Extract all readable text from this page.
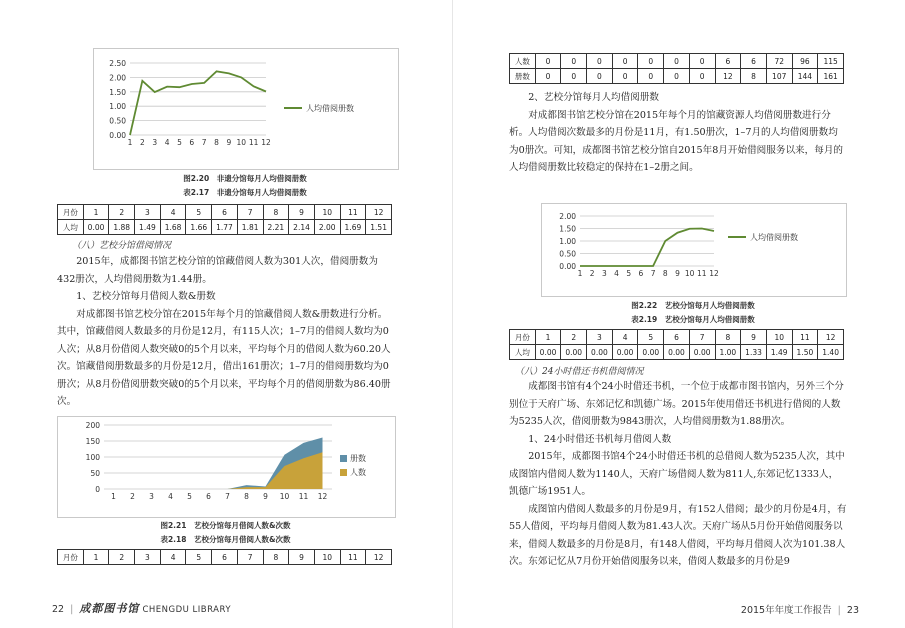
0.00
0.50
1.00
1.50
2.00
2.50
1 2 3 4 5 6 7 8 9 10 11 12
人均借阅册数
图2.20　非遗分馆每月人均借阅册数
表2.17　非遗分馆每月人均借阅册数
月份	1	2	3	4	5	6	7	8	9	10	11	12
人均	0.00	1.88	1.49	1.68	1.66	1.77	1.81	2.21	2.14	2.00	1.69	1.51
（八）艺校分馆借阅情况

2015年，成都图书馆艺校分馆的馆藏借阅人数为301人次，借阅册数为432册次，人均借阅册数为1.44册。

1、艺校分馆每月借阅人数&册数

对成都图书馆艺校分馆在2015年每个月的馆藏借阅人数&册数进行分析。其中，馆藏借阅人数最多的月份是12月，有115人次；1–7月的借阅人数均为0人次；从8月份借阅人数突破0的5个月以来，平均每个月的借阅人数为60.20人次。馆藏借阅册数最多的月份是12月，借出161册次；1–7月的借阅册数均为0册次；从8月份借阅册数突破0的5个月以来，平均每个月的借阅册数为86.40册次。

0
50
100
150
200
1 2 3 4 5 6 7 8 9 10 11 12
册数
人数
图2.21　艺校分馆每月借阅人数&次数
表2.18　艺校分馆每月借阅人数&次数
月份	1	2	3	4	5	6	7	8	9	10	11	12
22  |  成都图书馆 CHENGDU LIBRARY
人数	0	0	0	0	0	0	0	6	6	72	96	115
册数	0	0	0	0	0	0	0	12	8	107	144	161

2、艺校分馆每月人均借阅册数

对成都图书馆艺校分馆在2015年每个月的馆藏资源人均借阅册数进行分析。人均借阅次数最多的月份是11月，有1.50册次，1–7月的人均借阅册数均为0册次。可知，成都图书馆艺校分馆自2015年8月开始借阅服务以来，每月的人均借阅册数比较稳定的保持在1–2册之间。

0.00
0.50
1.00
1.50
2.00
1 2 3 4 5 6 7 8 9 10 11 12
人均借阅册数
图2.22　艺校分馆每月人均借阅册数
表2.19　艺校分馆每月人均借阅册数
月份	1	2	3	4	5	6	7	8	9	10	11	12
人均	0.00	0.00	0.00	0.00	0.00	0.00	0.00	1.00	1.33	1.49	1.50	1.40
（八）24小时借还书机借阅情况

成都图书馆有4个24小时借还书机，一个位于成都市图书馆内，另外三个分别位于天府广场、东郊记忆和凯德广场。2015年使用借还书机进行借阅的人数为5235人次，借阅册数为9843册次，人均借阅册数为1.88册次。

1、24小时借还书机每月借阅人数

2015年，成都图书馆4个24小时借还书机的总借阅人数为5235人次，其中成图馆内借阅人数为1140人，天府广场借阅人数为811人,东郊记忆1333人，凯德广场1951人。

成图馆内借阅人数最多的月份是9月，有152人借阅；最少的月份是4月，有55人借阅，平均每月借阅人数为81.43人次。天府广场从5月份开始借阅服务以来，借阅人数最多的月份是8月，有148人借阅，平均每月借阅人次为101.38人次。东郊记忆从7月份开始借阅服务以来，借阅人数最多的月份是9

2015年年度工作报告  |  23
